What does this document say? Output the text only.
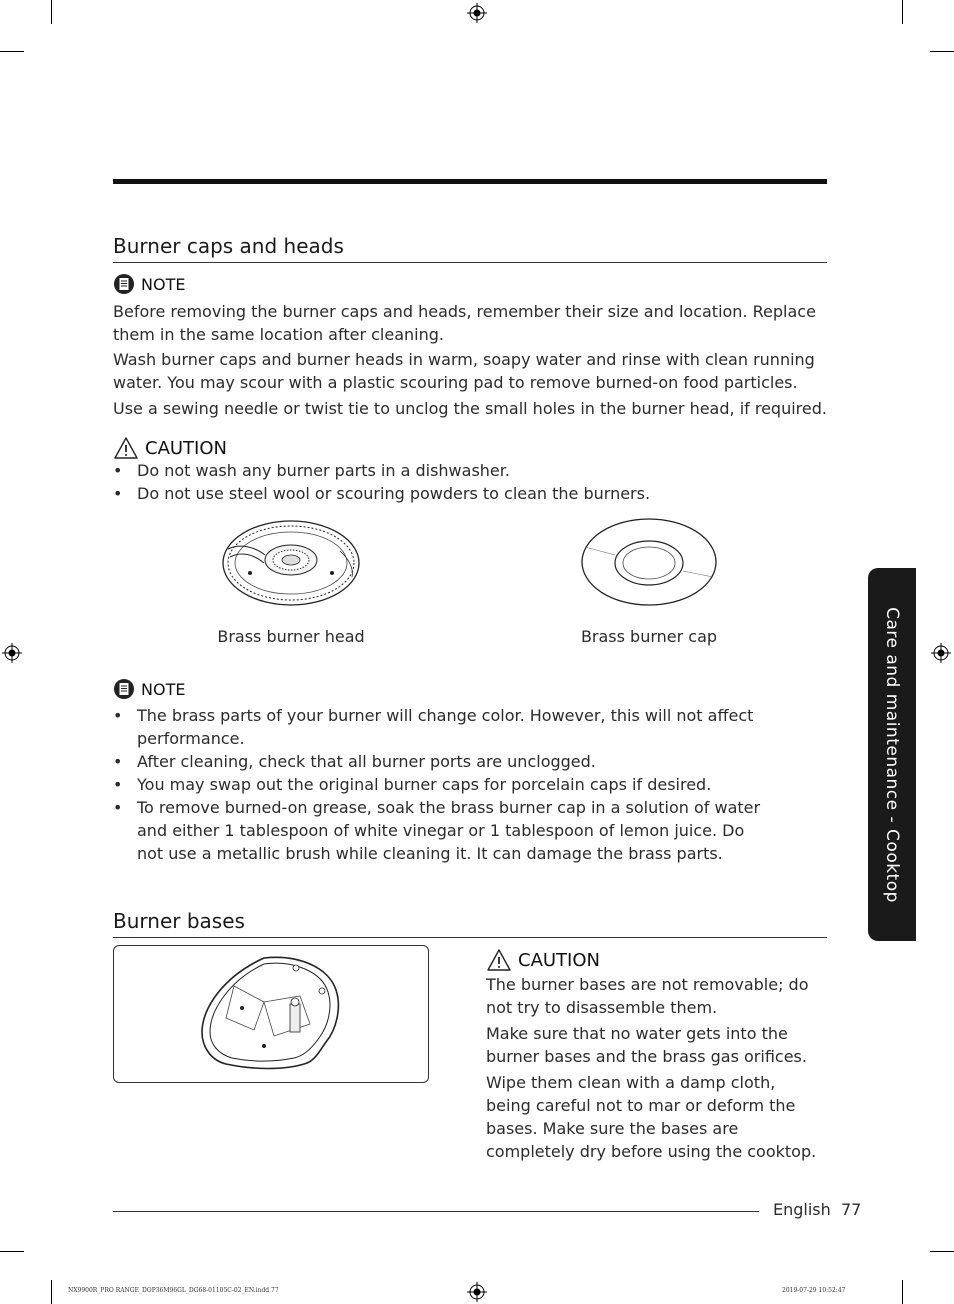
Burner caps and heads
NOTE

Before removing the burner caps and heads, remember their size and location. Replace them in the same location after cleaning.

Wash burner caps and burner heads in warm, soapy water and rinse with clean running water. You may scour with a plastic scouring pad to remove burned-on food particles.

Use a sewing needle or twist tie to unclog the small holes in the burner head, if required.

CAUTION
• Do not wash any burner parts in a dishwasher.
• Do not use steel wool or scouring powders to clean the burners.
Brass burner head	Brass burner cap
NOTE
• The brass parts of your burner will change color. However, this will not affect performance.
• After cleaning, check that all burner ports are unclogged.
• You may swap out the original burner caps for porcelain caps if desired.
• To remove burned-on grease, soak the brass burner cap in a solution of water and either 1 tablespoon of white vinegar or 1 tablespoon of lemon juice. Do not use a metallic brush while cleaning it. It can damage the brass parts.
Burner bases
CAUTION

The burner bases are not removable; do not try to disassemble them.

Make sure that no water gets into the burner bases and the brass gas orifices.

Wipe them clean with a damp cloth, being careful not to mar or deform the bases. Make sure the bases are completely dry before using the cooktop.

Care and maintenance - Cooktop
English 77
NX9900R_PRO RANGE_DOP36M96GL_DG68-01105C-02_EN.indd 77	2019-07-29 10:52:47
